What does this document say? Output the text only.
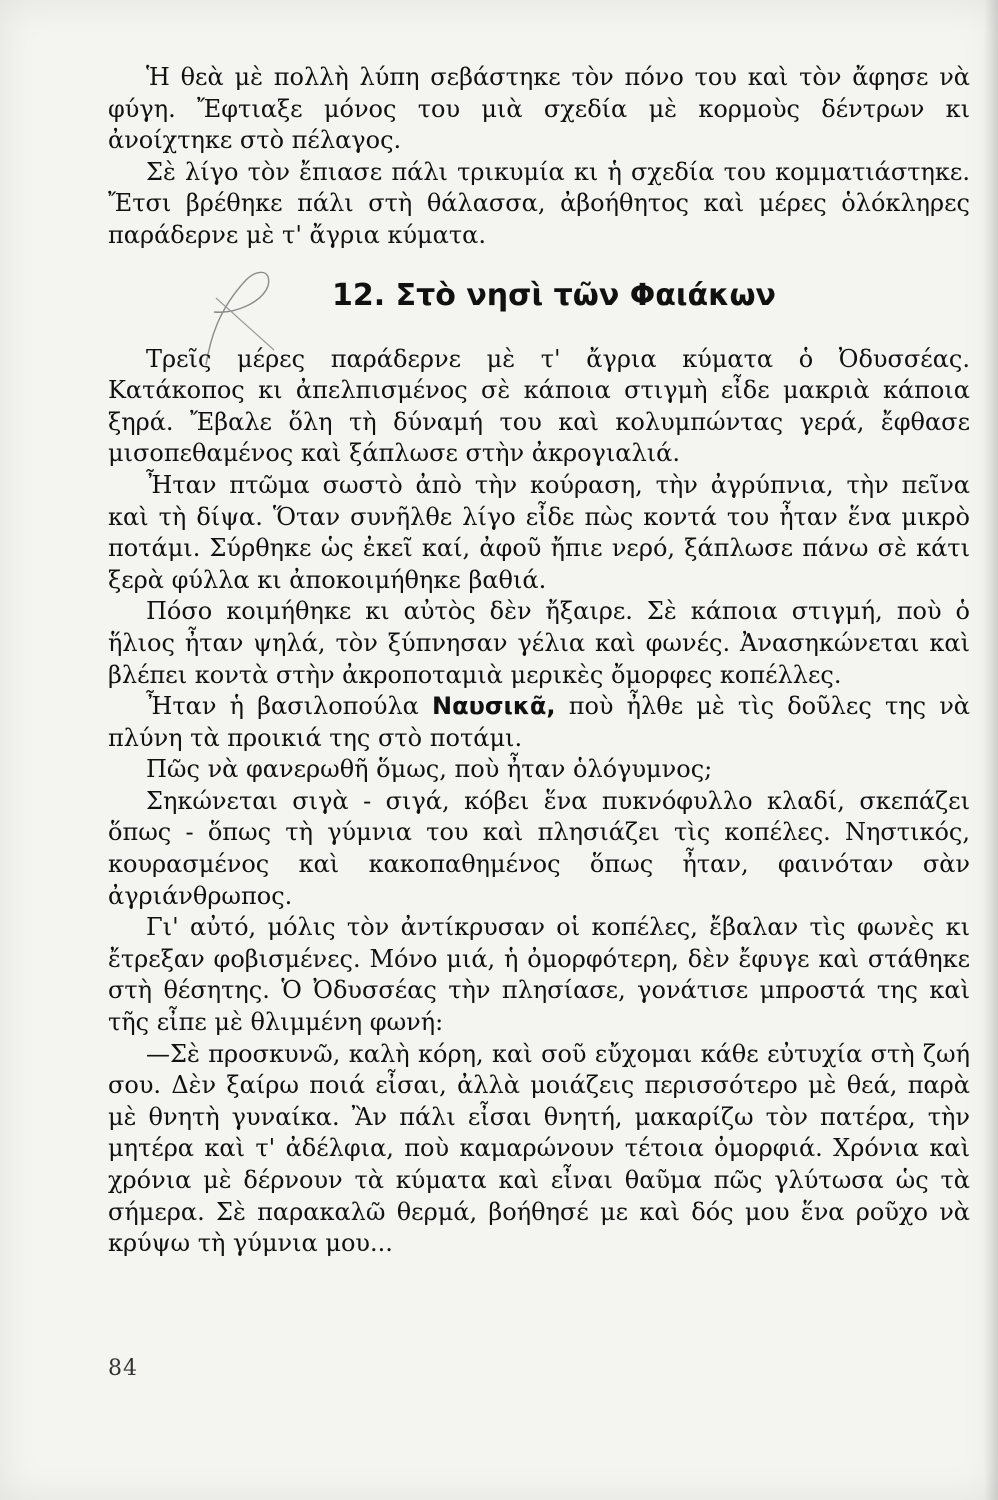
Ἡ θεὰ μὲ πολλὴ λύπη σεβάστηκε τὸν πόνο του καὶ τὸν ἄφησε νὰ φύγη. Ἔφτιαξε μόνος του μιὰ σχεδία μὲ κορμοὺς δέντρων κι ἀνοίχτηκε στὸ πέλαγος.

Σὲ λίγο τὸν ἔπιασε πάλι τρικυμία κι ἡ σχεδία του κομματιάστηκε. Ἔτσι βρέθηκε πάλι στὴ θάλασσα, ἀβοήθητος καὶ μέρες ὁλόκληρες παράδερνε μὲ τ' ἄγρια κύματα.

12. Στὸ νησὶ τῶν Φαιάκων

Τρεῖς μέρες παράδερνε μὲ τ' ἄγρια κύματα ὁ Ὀδυσσέας. Κατάκοπος κι ἀπελπισμένος σὲ κάποια στιγμὴ εἶδε μακριὰ κάποια ξηρά. Ἔβαλε ὅλη τὴ δύναμή του καὶ κολυμπώντας γερά, ἔφθασε μισοπεθαμένος καὶ ξάπλωσε στὴν ἀκρογιαλιά.

Ἦταν πτῶμα σωστὸ ἀπὸ τὴν κούραση, τὴν ἀγρύπνια, τὴν πεῖνα καὶ τὴ δίψα. Ὅταν συνῆλθε λίγο εἶδε πὼς κοντά του ἦταν ἕνα μικρὸ ποτάμι. Σύρθηκε ὡς ἐκεῖ καί, ἀφοῦ ἤπιε νερό, ξάπλωσε πάνω σὲ κάτι ξερὰ φύλλα κι ἀποκοιμήθηκε βαθιά.

Πόσο κοιμήθηκε κι αὐτὸς δὲν ἤξαιρε. Σὲ κάποια στιγμή, ποὺ ὁ ἥλιος ἦταν ψηλά, τὸν ξύπνησαν γέλια καὶ φωνές. Ἀνασηκώνεται καὶ βλέπει κοντὰ στὴν ἀκροποταμιὰ μερικὲς ὄμορφες κοπέλλες.

Ἦταν ἡ βασιλοπούλα Ναυσικᾶ, ποὺ ἦλθε μὲ τὶς δοῦλες της νὰ πλύνη τὰ προικιά της στὸ ποτάμι.

Πῶς νὰ φανερωθῆ ὅμως, ποὺ ἦταν ὁλόγυμνος;

Σηκώνεται σιγὰ - σιγά, κόβει ἕνα πυκνόφυλλο κλαδί, σκεπάζει ὅπως - ὅπως τὴ γύμνια του καὶ πλησιάζει τὶς κοπέλες. Νηστικός, κουρασμένος καὶ κακοπαθημένος ὅπως ἦταν, φαινόταν σὰν ἀγριάνθρωπος.

Γι' αὐτό, μόλις τὸν ἀντίκρυσαν οἱ κοπέλες, ἔβαλαν τὶς φωνὲς κι ἔτρεξαν φοβισμένες. Μόνο μιά, ἡ ὀμορφότερη, δὲν ἔφυγε καὶ στάθηκε στὴ θέσητης. Ὁ Ὀδυσσέας τὴν πλησίασε, γονάτισε μπροστά της καὶ τῆς εἶπε μὲ θλιμμένη φωνή:

—Σὲ προσκυνῶ, καλὴ κόρη, καὶ σοῦ εὔχομαι κάθε εὐτυχία στὴ ζωή σου. Δὲν ξαίρω ποιά εἶσαι, ἀλλὰ μοιάζεις περισσότερο μὲ θεά, παρὰ μὲ θνητὴ γυναίκα. Ἂν πάλι εἶσαι θνητή, μακαρίζω τὸν πατέρα, τὴν μητέρα καὶ τ' ἀδέλφια, ποὺ καμαρώνουν τέτοια ὀμορφιά. Χρόνια καὶ χρόνια μὲ δέρνουν τὰ κύματα καὶ εἶναι θαῦμα πῶς γλύτωσα ὡς τὰ σήμερα. Σὲ παρακαλῶ θερμά, βοήθησέ με καὶ δός μου ἕνα ροῦχο νὰ κρύψω τὴ γύμνια μου...

84
